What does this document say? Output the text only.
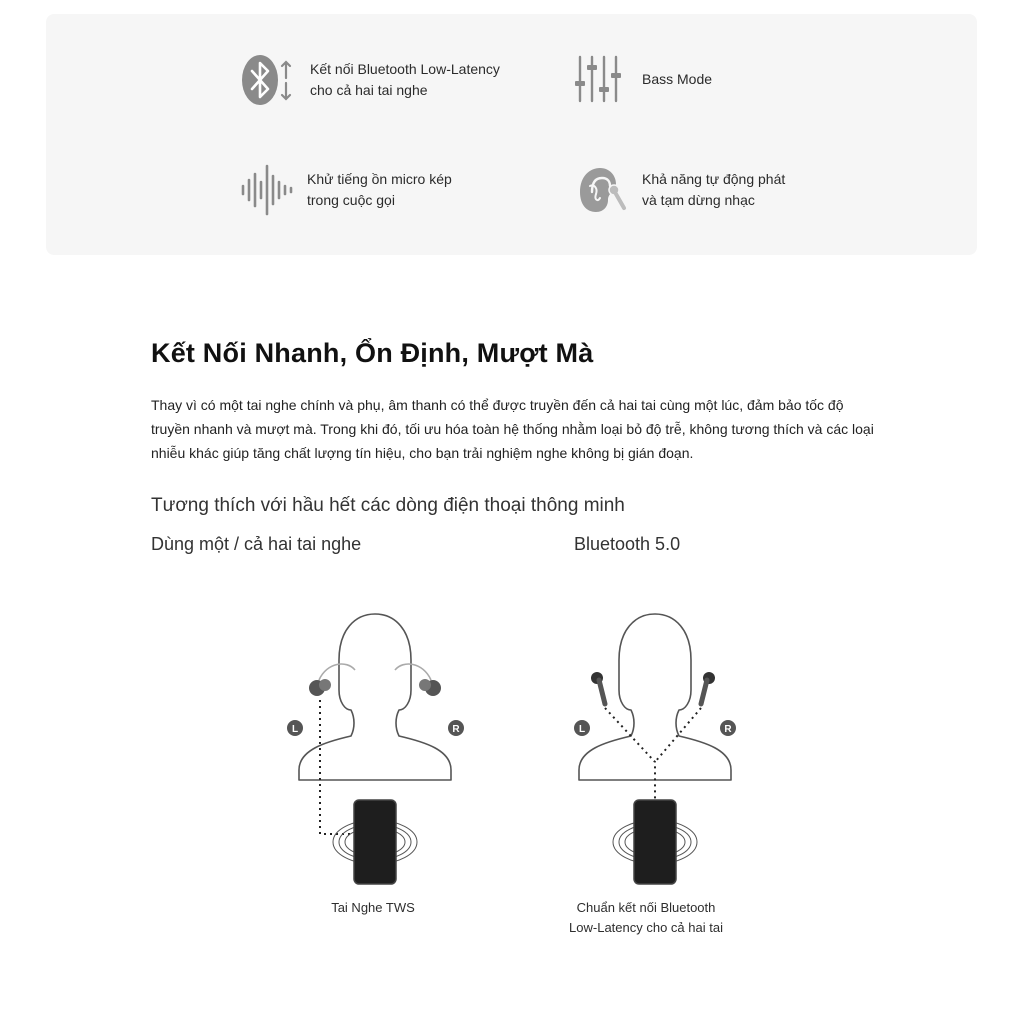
Kết nối Bluetooth Low-Latency
cho cả hai tai nghe
Bass Mode
Khử tiếng ồn micro kép
trong cuộc gọi
Khả năng tự động phát
và tạm dừng nhạc
Kết Nối Nhanh, Ổn Định, Mượt Mà

Thay vì có một tai nghe chính và phụ, âm thanh có thể được truyền đến cả hai tai cùng một lúc, đảm bảo tốc độ truyền nhanh và mượt mà. Trong khi đó, tối ưu hóa toàn hệ thống nhằm loại bỏ độ trễ, không tương thích và các loại nhiễu khác giúp tăng chất lượng tín hiệu, cho bạn trải nghiệm nghe không bị gián đoạn.

Tương thích với hầu hết các dòng điện thoại thông minh

Dùng một / cả hai tai nghe	Bluetooth 5.0

L	R	L	R
Tai Nghe TWS	Chuẩn kết nối Bluetooth
Low-Latency cho cả hai tai
